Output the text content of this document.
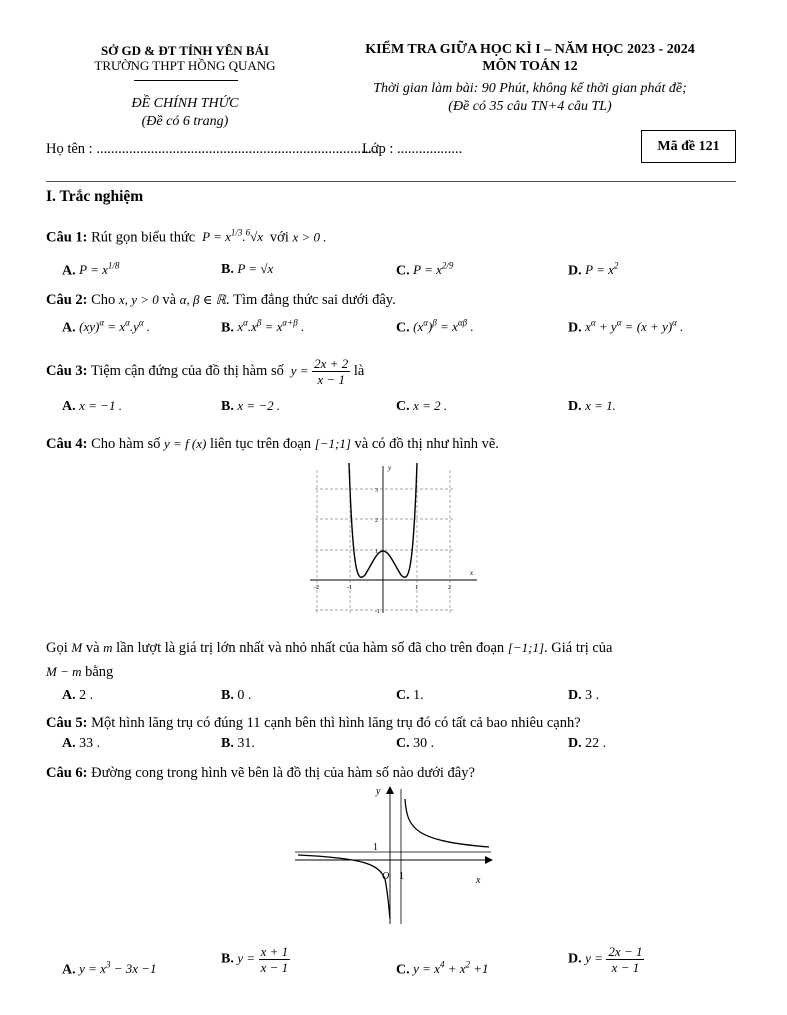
SỞ GD & ĐT TỈNH YÊN BÁI
TRƯỜNG THPT HỒNG QUANG
ĐỀ CHÍNH THỨC
(Đề có 6 trang)
KIỂM TRA GIỮA HỌC KÌ I – NĂM HỌC 2023 - 2024
MÔN TOÁN 12
Thời gian làm bài: 90 Phút, không kể thời gian phát đề;
(Đề có 35 câu TN+4 câu TL)
Họ tên : ..............................................................................
Lớp : ..................	Mã đề 121
I. Trắc nghiệm
Câu 1: Rút gọn biểu thức  $P = x^{1/3}.^6√x$  với x > 0 .
A. $P = x^{1/8}$	B. P = √x	C. $P = x^{2/9}$	D. $P = x^2$
Câu 2: Cho x, y > 0 và α, β ∈ ℝ. Tìm đẳng thức sai dưới đây.
A. $(xy)^\alpha = x^\alpha.y^\alpha$ .	B. $x^\alpha.x^\beta = x^{\alpha+\beta}$ .	C. $(x^\alpha)^\beta = x^{\alpha\beta}$ .	D. $x^\alpha + y^\alpha = (x + y)^\alpha$ .
Câu 3: Tiệm cận đứng của đồ thị hàm số  $y = \frac{2x + 2}{x - 1}$ là
A. x = −1 .	B. x = −2 .	C. x = 2 .	D. x = 1.
Câu 4: Cho hàm số y = f (x) liên tục trên đoạn [−1;1] và có đồ thị như hình vẽ.
y
x
3
2
1
-1
-2	-1	1	2
Gọi M và m lần lượt là giá trị lớn nhất và nhỏ nhất của hàm số đã cho trên đoạn [−1;1]. Giá trị của
M − m bằng
A. 2 .	B. 0 .	C. 1.	D. 3 .
Câu 5: Một hình lăng trụ có đúng 11 cạnh bên thì hình lăng trụ đó có tất cả bao nhiêu cạnh?
A. 33 .	B. 31.	C. 30 .	D. 22 .
Câu 6: Đường cong trong hình vẽ bên là đồ thị của hàm số nào dưới đây?
y
x
1
O 1
A. $y = x^3 - 3x -1$
B. $y = \frac{x + 1}{x - 1}$	C. $y = x^4 + x^2 +1$
D. $y = \frac{2x - 1}{x - 1}$
